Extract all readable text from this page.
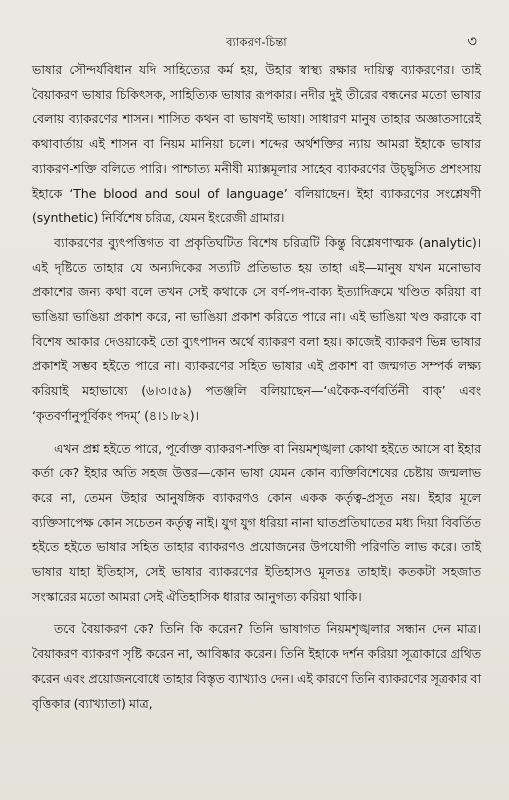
ব্যাকরণ-চিন্তা	৩

ভাষার সৌন্দর্যবিধান যদি সাহিত্যের কর্ম হয়, উহার স্বাস্থ্য রক্ষার দায়িত্ব ব্যাকরণের। তাই বৈয়াকরণ ভাষার চিকিৎসক, সাহিত্যিক ভাষার রূপকার। নদীর দুই তীরের বন্ধনের মতো ভাষার বেলায় ব্যাকরণের শাসন। শাসিত কথন বা ভাষণই ভাষা। সাধারণ মানুষ তাহার অজ্ঞাতসারেই কথাবার্তায় এই শাসন বা নিয়ম মানিয়া চলে। শব্দের অর্থশক্তির ন্যায় আমরা ইহাকে ভাষার ব্যাকরণ-শক্তি বলিতে পারি। পাশ্চাত্য মনীষী ম্যাক্সমূলার সাহেব ব্যাকরণের উচ্ছ্বসিত প্রশংসায় ইহাকে ‘The blood and soul of language’ বলিয়াছেন। ইহা ব্যাকরণের সংশ্লেষণী (synthetic) নির্বিশেষ চরিত্র, যেমন ইংরেজী গ্রামার।

ব্যাকরণের ব্যুৎপত্তিগত বা প্রকৃতিঘটিত বিশেষ চরিত্রটি কিন্তু বিশ্লেষণাত্মক (analytic)। এই দৃষ্টিতে তাহার যে অন্যদিকের সত্যটি প্রতিভাত হয় তাহা এই—মানুষ যখন মনোভাব প্রকাশের জন্য কথা বলে তখন সেই কথাকে সে বর্ণ-পদ-বাক্য ইত্যাদিক্রমে খণ্ডিত করিয়া বা ভাঙিয়া ভাঙিয়া প্রকাশ করে, না ভাঙিয়া প্রকাশ করিতে পারে না। এই ভাঙিয়া খণ্ড করাকে বা বিশেষ আকার দেওয়াকেই তো ব্যুৎপাদন অর্থে ব্যাকরণ বলা হয়। কাজেই ব্যাকরণ ভিন্ন ভাষার প্রকাশই সম্ভব হইতে পারে না। ব্যাকরণের সহিত ভাষার এই প্রকাশ বা জন্মগত সম্পর্ক লক্ষ্য করিয়াই মহাভাষ্যে (৬।৩।৫৯) পতঞ্জলি বলিয়াছেন—‘একৈক-বর্ণবর্তিনী বাক্’ এবং ‘কৃতবর্ণানুপূর্বিকং পদম্’ (৪।১।৮২)।

এখন প্রশ্ন হইতে পারে, পূর্বোক্ত ব্যাকরণ-শক্তি বা নিয়মশৃঙ্খলা কোথা হইতে আসে বা ইহার কর্তা কে? ইহার অতি সহজ উত্তর—কোন ভাষা যেমন কোন ব্যক্তিবিশেষের চেষ্টায় জন্মলাভ করে না, তেমন উহার আনুষঙ্গিক ব্যাকরণও কোন একক কর্তৃত্ব-প্রসূত নয়। ইহার মূলে ব্যক্তিসাপেক্ষ কোন সচেতন কর্তৃত্ব নাই। যুগ যুগ ধরিয়া নানা ঘাতপ্রতিঘাতের মধ্য দিয়া বিবর্তিত হইতে হইতে ভাষার সহিত তাহার ব্যাকরণও প্রয়োজনের উপযোগী পরিণতি লাভ করে। তাই ভাষার যাহা ইতিহাস, সেই ভাষার ব্যাকরণের ইতিহাসও মূলতঃ তাহাই। কতকটা সহজাত সংস্কারের মতো আমরা সেই ঐতিহাসিক ধারার আনুগত্য করিয়া থাকি।

তবে বৈয়াকরণ কে? তিনি কি করেন? তিনি ভাষাগত নিয়মশৃঙ্খলার সন্ধান দেন মাত্র। বৈয়াকরণ ব্যাকরণ সৃষ্টি করেন না, আবিষ্কার করেন। তিনি ইহাকে দর্শন করিয়া সূত্রাকারে গ্রথিত করেন এবং প্রয়োজনবোধে তাহার বিস্তৃত ব্যাখ্যাও দেন। এই কারণে তিনি ব্যাকরণের সূত্রকার বা বৃত্তিকার (ব্যাখ্যাতা) মাত্র,
